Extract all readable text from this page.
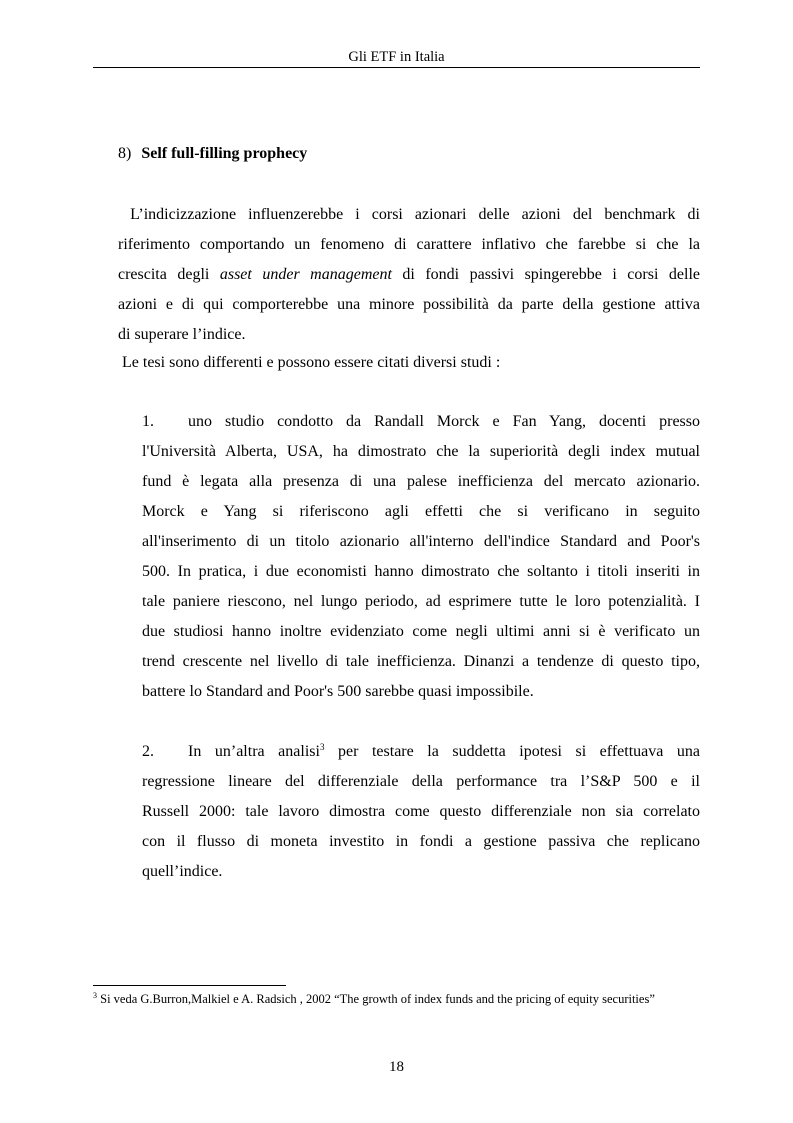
Gli ETF in Italia
8) Self full-filling prophecy
L’indicizzazione influenzerebbe i corsi azionari delle azioni del benchmark di
riferimento comportando un fenomeno di carattere inflativo che farebbe si che la
crescita degli asset under management di fondi passivi spingerebbe i corsi delle
azioni e di qui comporterebbe una minore possibilità da parte della gestione attiva
di superare l’indice.
Le tesi sono differenti e possono essere citati diversi studi :
1. uno studio condotto da Randall Morck e Fan Yang, docenti presso
l'Università Alberta, USA, ha dimostrato che la superiorità degli index mutual
fund è legata alla presenza di una palese inefficienza del mercato azionario.
Morck e Yang si riferiscono agli effetti che si verificano in seguito
all'inserimento di un titolo azionario all'interno dell'indice Standard and Poor's
500. In pratica, i due economisti hanno dimostrato che soltanto i titoli inseriti in
tale paniere riescono, nel lungo periodo, ad esprimere tutte le loro potenzialità. I
due studiosi hanno inoltre evidenziato come negli ultimi anni si è verificato un
trend crescente nel livello di tale inefficienza. Dinanzi a tendenze di questo tipo,
battere lo Standard and Poor's 500 sarebbe quasi impossibile.
2. In un’altra analisi$^3$ per testare la suddetta ipotesi si effettuava una
regressione lineare del differenziale della performance tra l’S&P 500 e il
Russell 2000: tale lavoro dimostra come questo differenziale non sia correlato
con il flusso di moneta investito in fondi a gestione passiva che replicano
quell’indice.
$^3$ Si veda G.Burron,Malkiel e A. Radsich , 2002 “The growth of index funds and the pricing of equity securities”
18
